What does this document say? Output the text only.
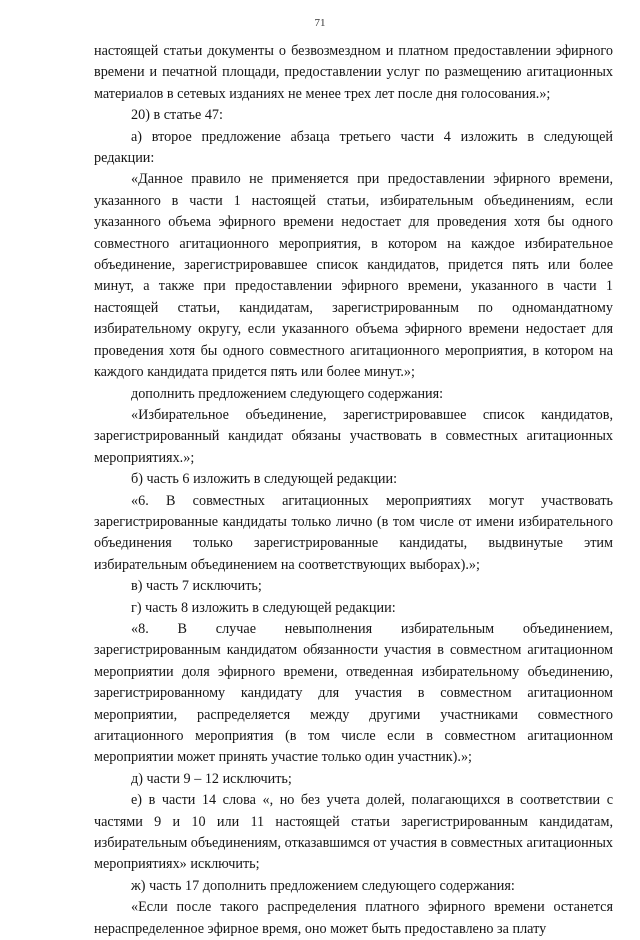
71

настоящей статьи документы о безвозмездном и платном предоставлении эфирного времени и печатной площади, предоставлении услуг по размещению агитационных материалов в сетевых изданиях не менее трех лет после дня голосования.»;

20) в статье 47:

а) второе предложение абзаца третьего части 4 изложить в следующей редакции:

«Данное правило не применяется при предоставлении эфирного времени, указанного в части 1 настоящей статьи, избирательным объединениям, если указанного объема эфирного времени недостает для проведения хотя бы одного совместного агитационного мероприятия, в котором на каждое избирательное объединение, зарегистрировавшее список кандидатов, придется пять или более минут, а также при предоставлении эфирного времени, указанного в части 1 настоящей статьи, кандидатам, зарегистрированным по одномандатному избирательному округу, если указанного объема эфирного времени недостает для проведения хотя бы одного совместного агитационного мероприятия, в котором на каждого кандидата придется пять или более минут.»;

дополнить предложением следующего содержания:

«Избирательное объединение, зарегистрировавшее список кандидатов, зарегистрированный кандидат обязаны участвовать в совместных агитационных мероприятиях.»;

б) часть 6 изложить в следующей редакции:

«6. В совместных агитационных мероприятиях могут участвовать зарегистрированные кандидаты только лично (в том числе от имени избирательного объединения только зарегистрированные кандидаты, выдвинутые этим избирательным объединением на соответствующих выборах).»;

в) часть 7 исключить;

г) часть 8 изложить в следующей редакции:

«8. В случае невыполнения избирательным объединением, зарегистрированным кандидатом обязанности участия в совместном агитационном мероприятии доля эфирного времени, отведенная избирательному объединению, зарегистрированному кандидату для участия в совместном агитационном мероприятии, распределяется между другими участниками совместного агитационного мероприятия (в том числе если в совместном агитационном мероприятии может принять участие только один участник).»;

д) части 9 – 12 исключить;

е) в части 14 слова «, но без учета долей, полагающихся в соответствии с частями 9 и 10 или 11 настоящей статьи зарегистрированным кандидатам, избирательным объединениям, отказавшимся от участия в совместных агитационных мероприятиях» исключить;

ж) часть 17 дополнить предложением следующего содержания:

«Если после такого распределения платного эфирного времени останется нераспределенное эфирное время, оно может быть предоставлено за плату
